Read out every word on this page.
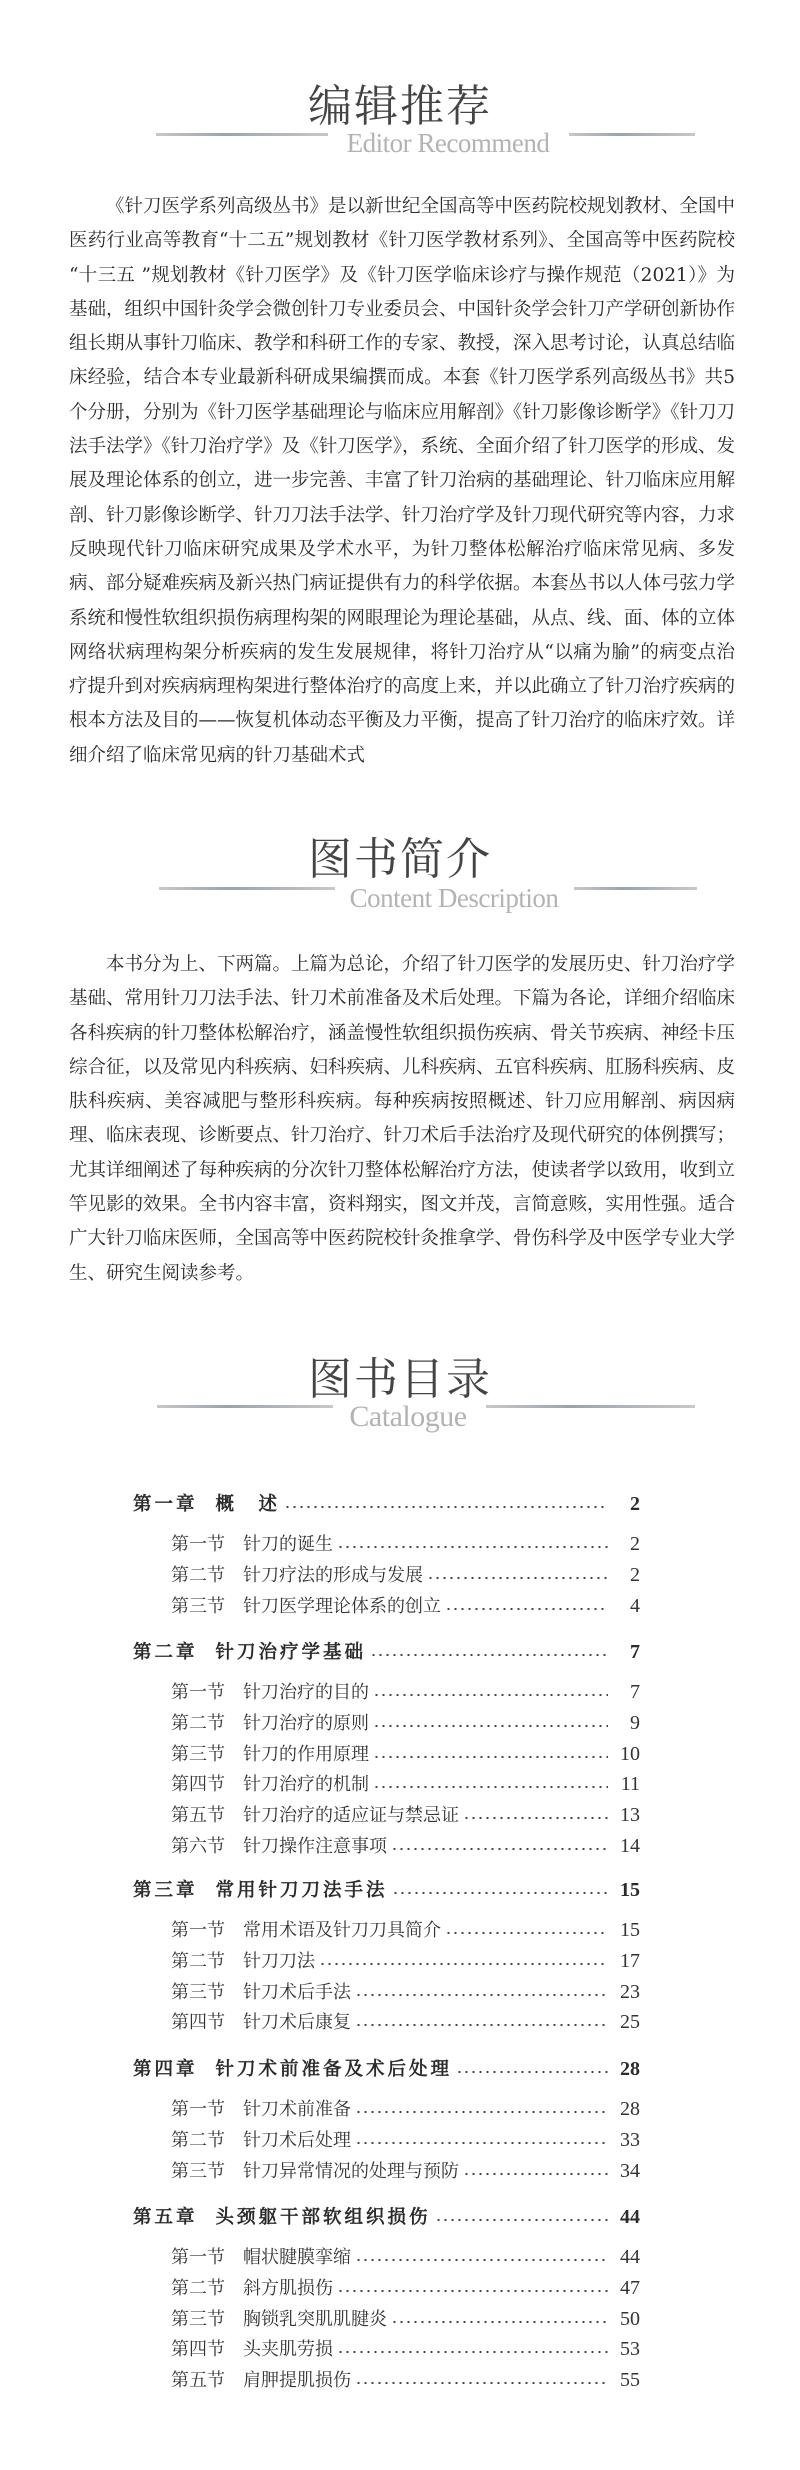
编辑推荐
Editor Recommend

《针刀医学系列高级丛书》是以新世纪全国高等中医药院校规划教材、全国中医药行业高等教育“十二五”规划教材《针刀医学教材系列》、全国高等中医药院校 “十三五 ”规划教材《针刀医学》及《针刀医学临床诊疗与操作规范（2021）》为基础，组织中国针灸学会微创针刀专业委员会、中国针灸学会针刀产学研创新协作组长期从事针刀临床、教学和科研工作的专家、教授，深入思考讨论，认真总结临床经验，结合本专业最新科研成果编撰而成。本套《针刀医学系列高级丛书》共5个分册，分别为《针刀医学基础理论与临床应用解剖》《针刀影像诊断学》《针刀刀法手法学》《针刀治疗学》及《针刀医学》，系统、全面介绍了针刀医学的形成、发展及理论体系的创立，进一步完善、丰富了针刀治病的基础理论、针刀临床应用解剖、针刀影像诊断学、针刀刀法手法学、针刀治疗学及针刀现代研究等内容，力求反映现代针刀临床研究成果及学术水平，为针刀整体松解治疗临床常见病、多发病、部分疑难疾病及新兴热门病证提供有力的科学依据。本套丛书以人体弓弦力学系统和慢性软组织损伤病理构架的网眼理论为理论基础，从点、线、面、体的立体网络状病理构架分析疾病的发生发展规律，将针刀治疗从“以痛为腧”的病变点治疗提升到对疾病病理构架进行整体治疗的高度上来，并以此确立了针刀治疗疾病的根本方法及目的——恢复机体动态平衡及力平衡，提高了针刀治疗的临床疗效。详细介绍了临床常见病的针刀基础术式

图书简介
Content Description

本书分为上、下两篇。上篇为总论，介绍了针刀医学的发展历史、针刀治疗学基础、常用针刀刀法手法、针刀术前准备及术后处理。下篇为各论，详细介绍临床各科疾病的针刀整体松解治疗，涵盖慢性软组织损伤疾病、骨关节疾病、神经卡压综合征，以及常见内科疾病、妇科疾病、儿科疾病、五官科疾病、肛肠科疾病、皮肤科疾病、美容减肥与整形科疾病。每种疾病按照概述、针刀应用解剖、病因病理、临床表现、诊断要点、针刀治疗、针刀术后手法治疗及现代研究的体例撰写；尤其详细阐述了每种疾病的分次针刀整体松解治疗方法，使读者学以致用，收到立竿见影的效果。全书内容丰富，资料翔实，图文并茂，言简意赅，实用性强。适合广大针刀临床医师，全国高等中医药院校针灸推拿学、骨伤科学及中医学专业大学生、研究生阅读参考。

图书目录
Catalogue
第一章 概　述	2
第一节 针刀的诞生	2
第二节 针刀疗法的形成与发展	2
第三节 针刀医学理论体系的创立	4
第二章 针刀治疗学基础	7
第一节 针刀治疗的目的	7
第二节 针刀治疗的原则	9
第三节 针刀的作用原理	10
第四节 针刀治疗的机制	11
第五节 针刀治疗的适应证与禁忌证	13
第六节 针刀操作注意事项	14
第三章 常用针刀刀法手法	15
第一节 常用术语及针刀刀具简介	15
第二节 针刀刀法	17
第三节 针刀术后手法	23
第四节 针刀术后康复	25
第四章 针刀术前准备及术后处理	28
第一节 针刀术前准备	28
第二节 针刀术后处理	33
第三节 针刀异常情况的处理与预防	34
第五章 头颈躯干部软组织损伤	44
第一节 帽状腱膜挛缩	44
第二节 斜方肌损伤	47
第三节 胸锁乳突肌肌腱炎	50
第四节 头夹肌劳损	53
第五节 肩胛提肌损伤	55
